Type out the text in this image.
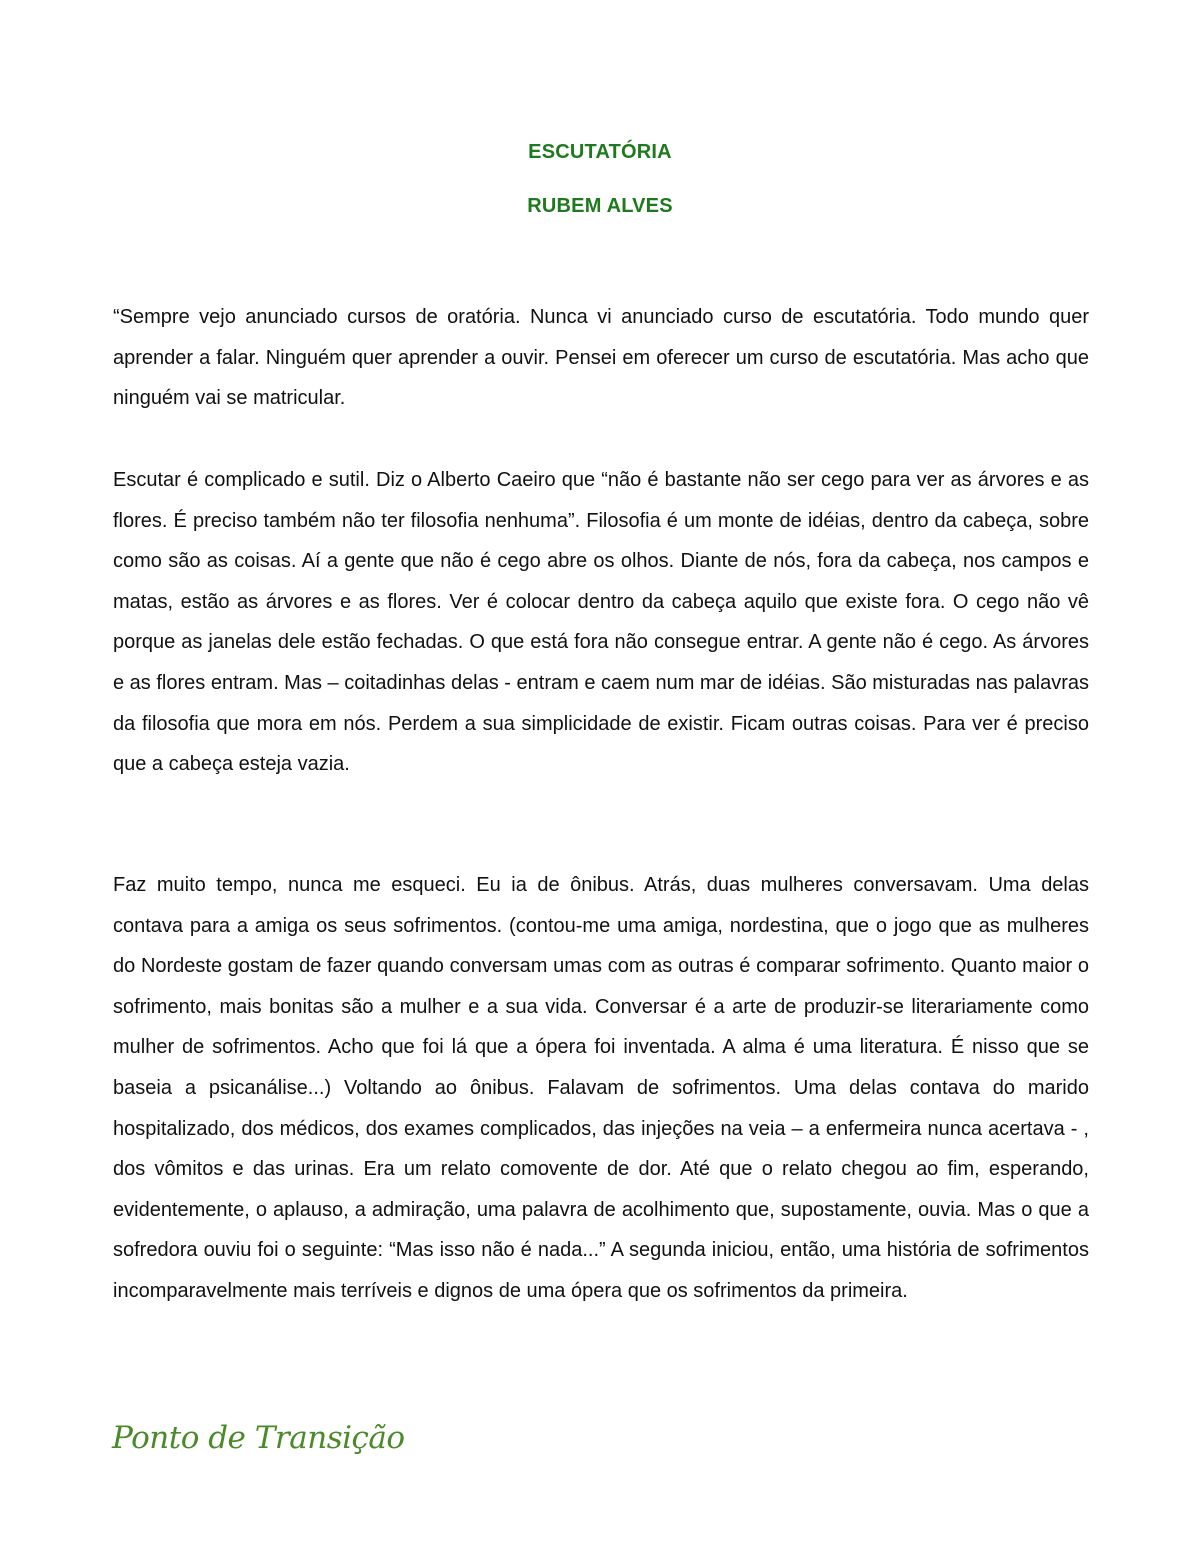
ESCUTATÓRIA
RUBEM ALVES
“Sempre vejo anunciado cursos de oratória. Nunca vi anunciado curso de escutatória. Todo mundo quer aprender a falar. Ninguém quer aprender a ouvir. Pensei em oferecer um curso de escutatória. Mas acho que ninguém vai se matricular.
Escutar é complicado e sutil. Diz o Alberto Caeiro que “não é bastante não ser cego para ver as árvores e as flores. É preciso também não ter filosofia nenhuma”. Filosofia é um monte de idéias, dentro da cabeça, sobre como são as coisas. Aí a gente que não é cego abre os olhos. Diante de nós, fora da cabeça, nos campos e matas, estão as árvores e as flores. Ver é colocar dentro da cabeça aquilo que existe fora. O cego não vê porque as janelas dele estão fechadas. O que está fora não consegue entrar. A gente não é cego. As árvores e as flores entram. Mas – coitadinhas delas - entram e caem num mar de idéias. São misturadas nas palavras da filosofia que mora em nós. Perdem a sua simplicidade de existir. Ficam outras coisas. Para ver é preciso que a cabeça esteja vazia.
Faz muito tempo, nunca me esqueci. Eu ia de ônibus. Atrás, duas mulheres conversavam. Uma delas contava para a amiga os seus sofrimentos. (contou-me uma amiga, nordestina, que o jogo que as mulheres do Nordeste gostam de fazer quando conversam umas com as outras é comparar sofrimento. Quanto maior o sofrimento, mais bonitas são a mulher e a sua vida. Conversar é a arte de produzir-se literariamente como mulher de sofrimentos. Acho que foi lá que a ópera foi inventada. A alma é uma literatura. É nisso que se baseia a psicanálise...) Voltando ao ônibus. Falavam de sofrimentos. Uma delas contava do marido hospitalizado, dos médicos, dos exames complicados, das injeções na veia – a enfermeira nunca acertava - , dos vômitos e das urinas. Era um relato comovente de dor. Até que o relato chegou ao fim, esperando, evidentemente, o aplauso, a admiração, uma palavra de acolhimento que, supostamente, ouvia. Mas o que a sofredora ouviu foi o seguinte: “Mas isso não é nada...” A segunda iniciou, então, uma história de sofrimentos incomparavelmente mais terríveis e dignos de uma ópera que os sofrimentos da primeira.
Ponto de Transição
